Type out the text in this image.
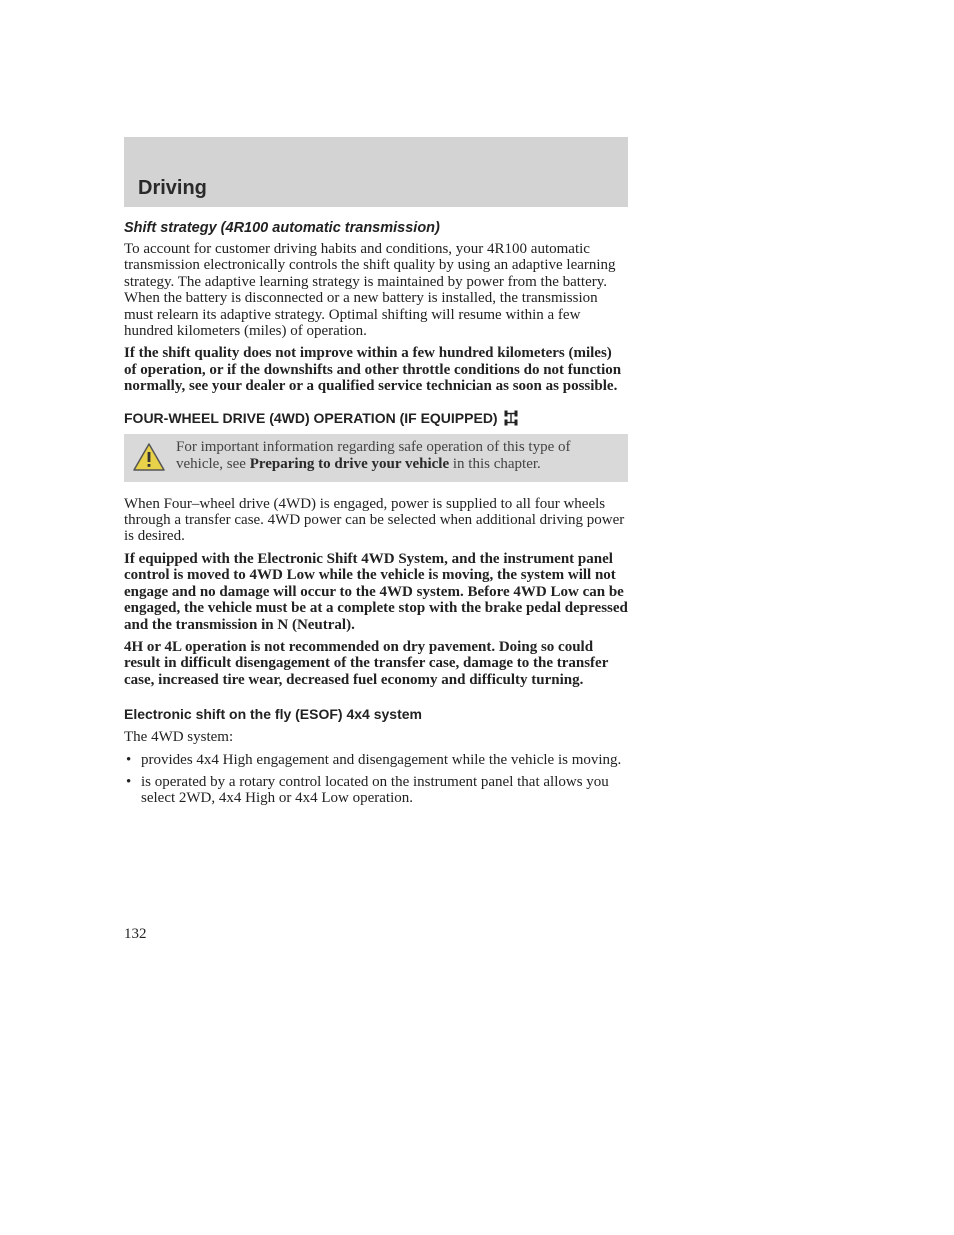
Driving
Shift strategy (4R100 automatic transmission)

To account for customer driving habits and conditions, your 4R100 automatic transmission electronically controls the shift quality by using an adaptive learning strategy. The adaptive learning strategy is maintained by power from the battery. When the battery is disconnected or a new battery is installed, the transmission must relearn its adaptive strategy. Optimal shifting will resume within a few hundred kilometers (miles) of operation.

If the shift quality does not improve within a few hundred kilometers (miles) of operation, or if the downshifts and other throttle conditions do not function normally, see your dealer or a qualified service technician as soon as possible.

FOUR-WHEEL DRIVE (4WD) OPERATION (IF EQUIPPED)
For important information regarding safe operation of this type of vehicle, see Preparing to drive your vehicle in this chapter.

When Four–wheel drive (4WD) is engaged, power is supplied to all four wheels through a transfer case. 4WD power can be selected when additional driving power is desired.

If equipped with the Electronic Shift 4WD System, and the instrument panel control is moved to 4WD Low while the vehicle is moving, the system will not engage and no damage will occur to the 4WD system. Before 4WD Low can be engaged, the vehicle must be at a complete stop with the brake pedal depressed and the transmission in N (Neutral).

4H or 4L operation is not recommended on dry pavement. Doing so could result in difficult disengagement of the transfer case, damage to the transfer case, increased tire wear, decreased fuel economy and difficulty turning.

Electronic shift on the fly (ESOF) 4x4 system

The 4WD system:

• provides 4x4 High engagement and disengagement while the vehicle is moving.
• is operated by a rotary control located on the instrument panel that allows you select 2WD, 4x4 High or 4x4 Low operation.
132
